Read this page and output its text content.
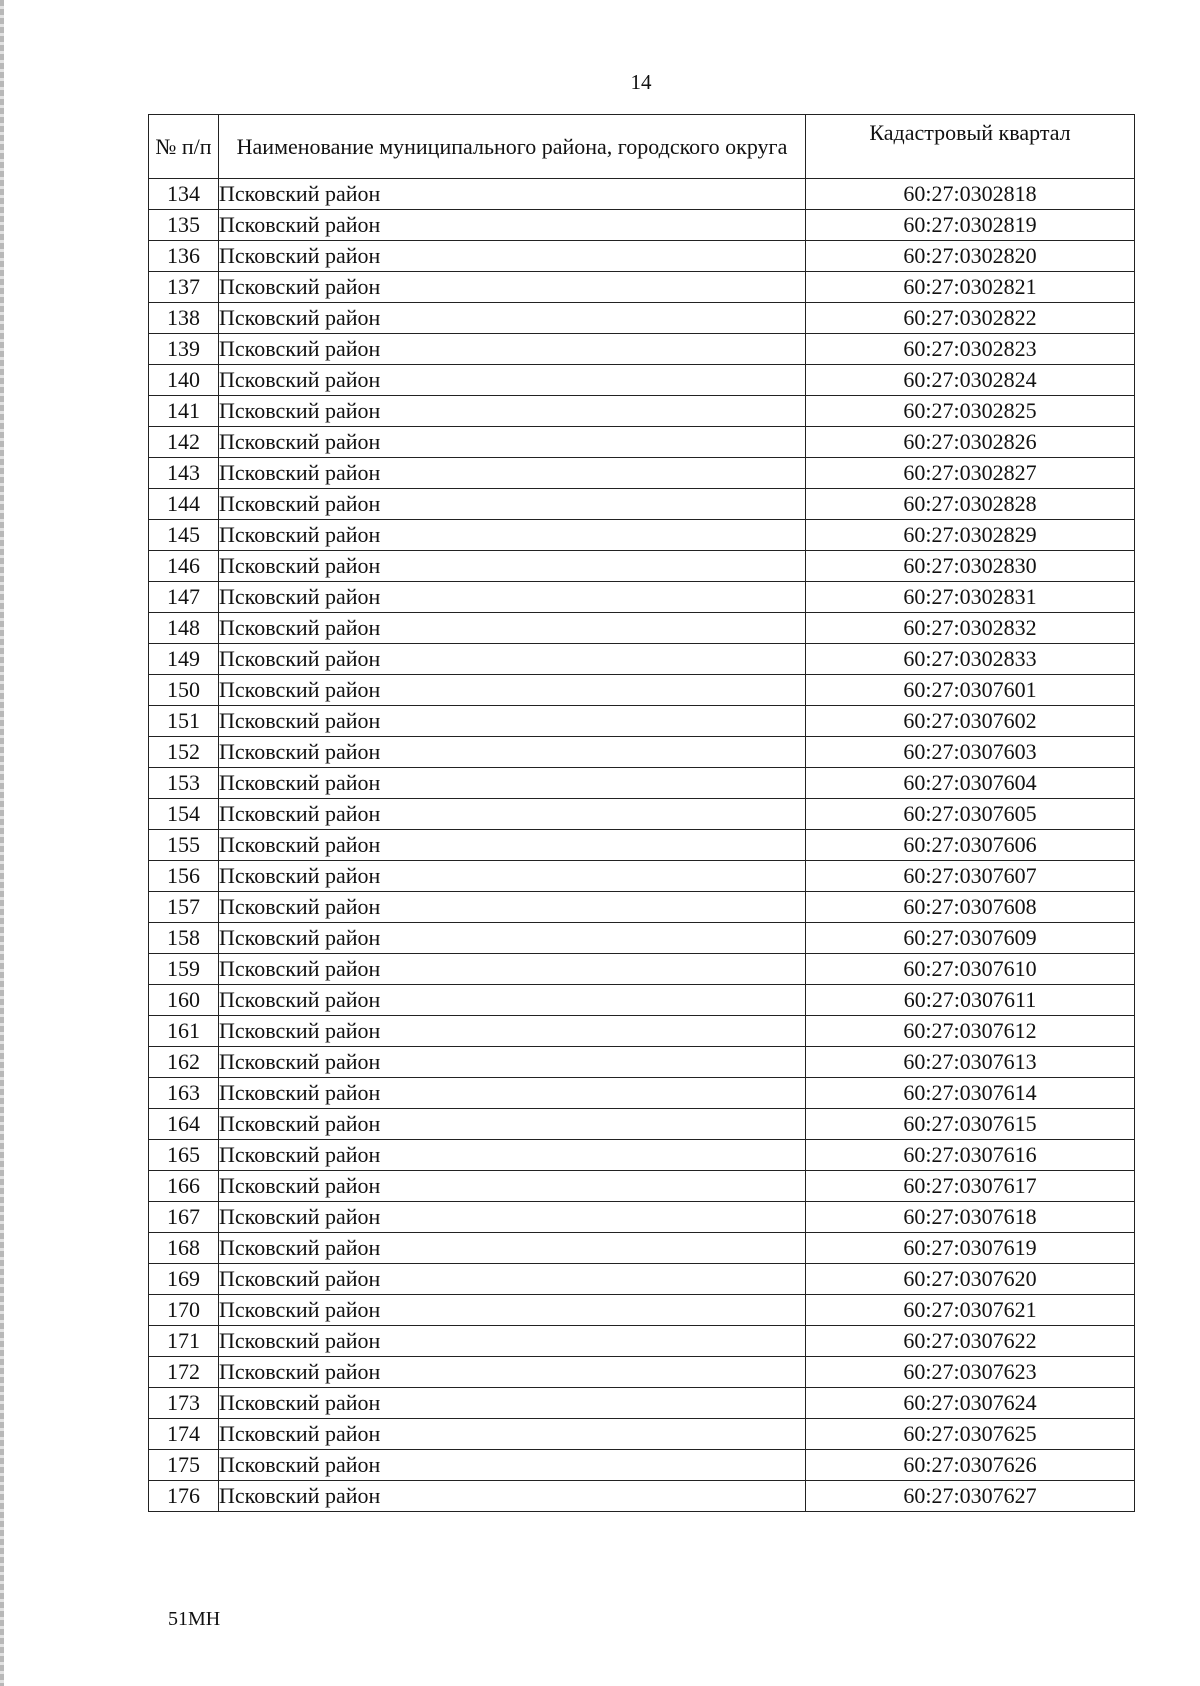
14
№ п/п	Наименование муниципального района, городского округа	Кадастровый квартал
134	Псковский район	60:27:0302818
135	Псковский район	60:27:0302819
136	Псковский район	60:27:0302820
137	Псковский район	60:27:0302821
138	Псковский район	60:27:0302822
139	Псковский район	60:27:0302823
140	Псковский район	60:27:0302824
141	Псковский район	60:27:0302825
142	Псковский район	60:27:0302826
143	Псковский район	60:27:0302827
144	Псковский район	60:27:0302828
145	Псковский район	60:27:0302829
146	Псковский район	60:27:0302830
147	Псковский район	60:27:0302831
148	Псковский район	60:27:0302832
149	Псковский район	60:27:0302833
150	Псковский район	60:27:0307601
151	Псковский район	60:27:0307602
152	Псковский район	60:27:0307603
153	Псковский район	60:27:0307604
154	Псковский район	60:27:0307605
155	Псковский район	60:27:0307606
156	Псковский район	60:27:0307607
157	Псковский район	60:27:0307608
158	Псковский район	60:27:0307609
159	Псковский район	60:27:0307610
160	Псковский район	60:27:0307611
161	Псковский район	60:27:0307612
162	Псковский район	60:27:0307613
163	Псковский район	60:27:0307614
164	Псковский район	60:27:0307615
165	Псковский район	60:27:0307616
166	Псковский район	60:27:0307617
167	Псковский район	60:27:0307618
168	Псковский район	60:27:0307619
169	Псковский район	60:27:0307620
170	Псковский район	60:27:0307621
171	Псковский район	60:27:0307622
172	Псковский район	60:27:0307623
173	Псковский район	60:27:0307624
174	Псковский район	60:27:0307625
175	Псковский район	60:27:0307626
176	Псковский район	60:27:0307627
51МН
